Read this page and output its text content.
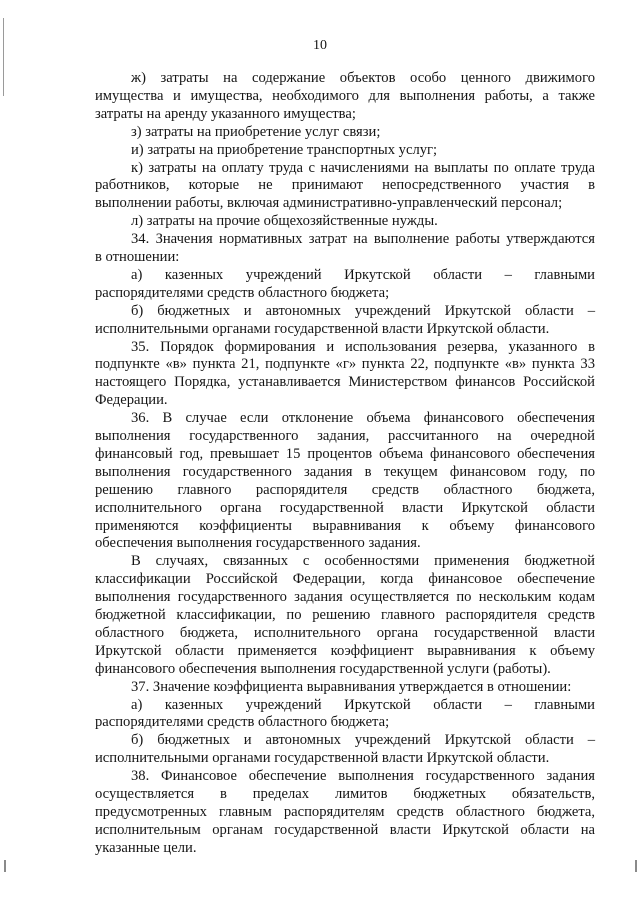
10
ж) затраты на содержание объектов особо ценного движимого
имущества и имущества, необходимого для выполнения работы, а также
затраты на аренду указанного имущества;
з) затраты на приобретение услуг связи;
и) затраты на приобретение транспортных услуг;
к) затраты на оплату труда с начислениями на выплаты по оплате труда
работников, которые не принимают непосредственного участия в
выполнении работы, включая административно-управленческий персонал;
л) затраты на прочие общехозяйственные нужды.
34. Значения нормативных затрат на выполнение работы утверждаются
в отношении:
а) казенных учреждений Иркутской области – главными
распорядителями средств областного бюджета;
б) бюджетных и автономных учреждений Иркутской области –
исполнительными органами государственной власти Иркутской области.
35. Порядок формирования и использования резерва, указанного в
подпункте «в» пункта 21, подпункте «г» пункта 22, подпункте «в» пункта 33
настоящего Порядка, устанавливается Министерством финансов Российской
Федерации.
36. В случае если отклонение объема финансового обеспечения
выполнения государственного задания, рассчитанного на очередной
финансовый год, превышает 15 процентов объема финансового обеспечения
выполнения государственного задания в текущем финансовом году, по
решению главного распорядителя средств областного бюджета,
исполнительного органа государственной власти Иркутской области
применяются коэффициенты выравнивания к объему финансового
обеспечения выполнения государственного задания.
В случаях, связанных с особенностями применения бюджетной
классификации Российской Федерации, когда финансовое обеспечение
выполнения государственного задания осуществляется по нескольким кодам
бюджетной классификации, по решению главного распорядителя средств
областного бюджета, исполнительного органа государственной власти
Иркутской области применяется коэффициент выравнивания к объему
финансового обеспечения выполнения государственной услуги (работы).
37. Значение коэффициента выравнивания утверждается в отношении:
а) казенных учреждений Иркутской области – главными
распорядителями средств областного бюджета;
б) бюджетных и автономных учреждений Иркутской области –
исполнительными органами государственной власти Иркутской области.
38. Финансовое обеспечение выполнения государственного задания
осуществляется в пределах лимитов бюджетных обязательств,
предусмотренных главным распорядителям средств областного бюджета,
исполнительным органам государственной власти Иркутской области на
указанные цели.
